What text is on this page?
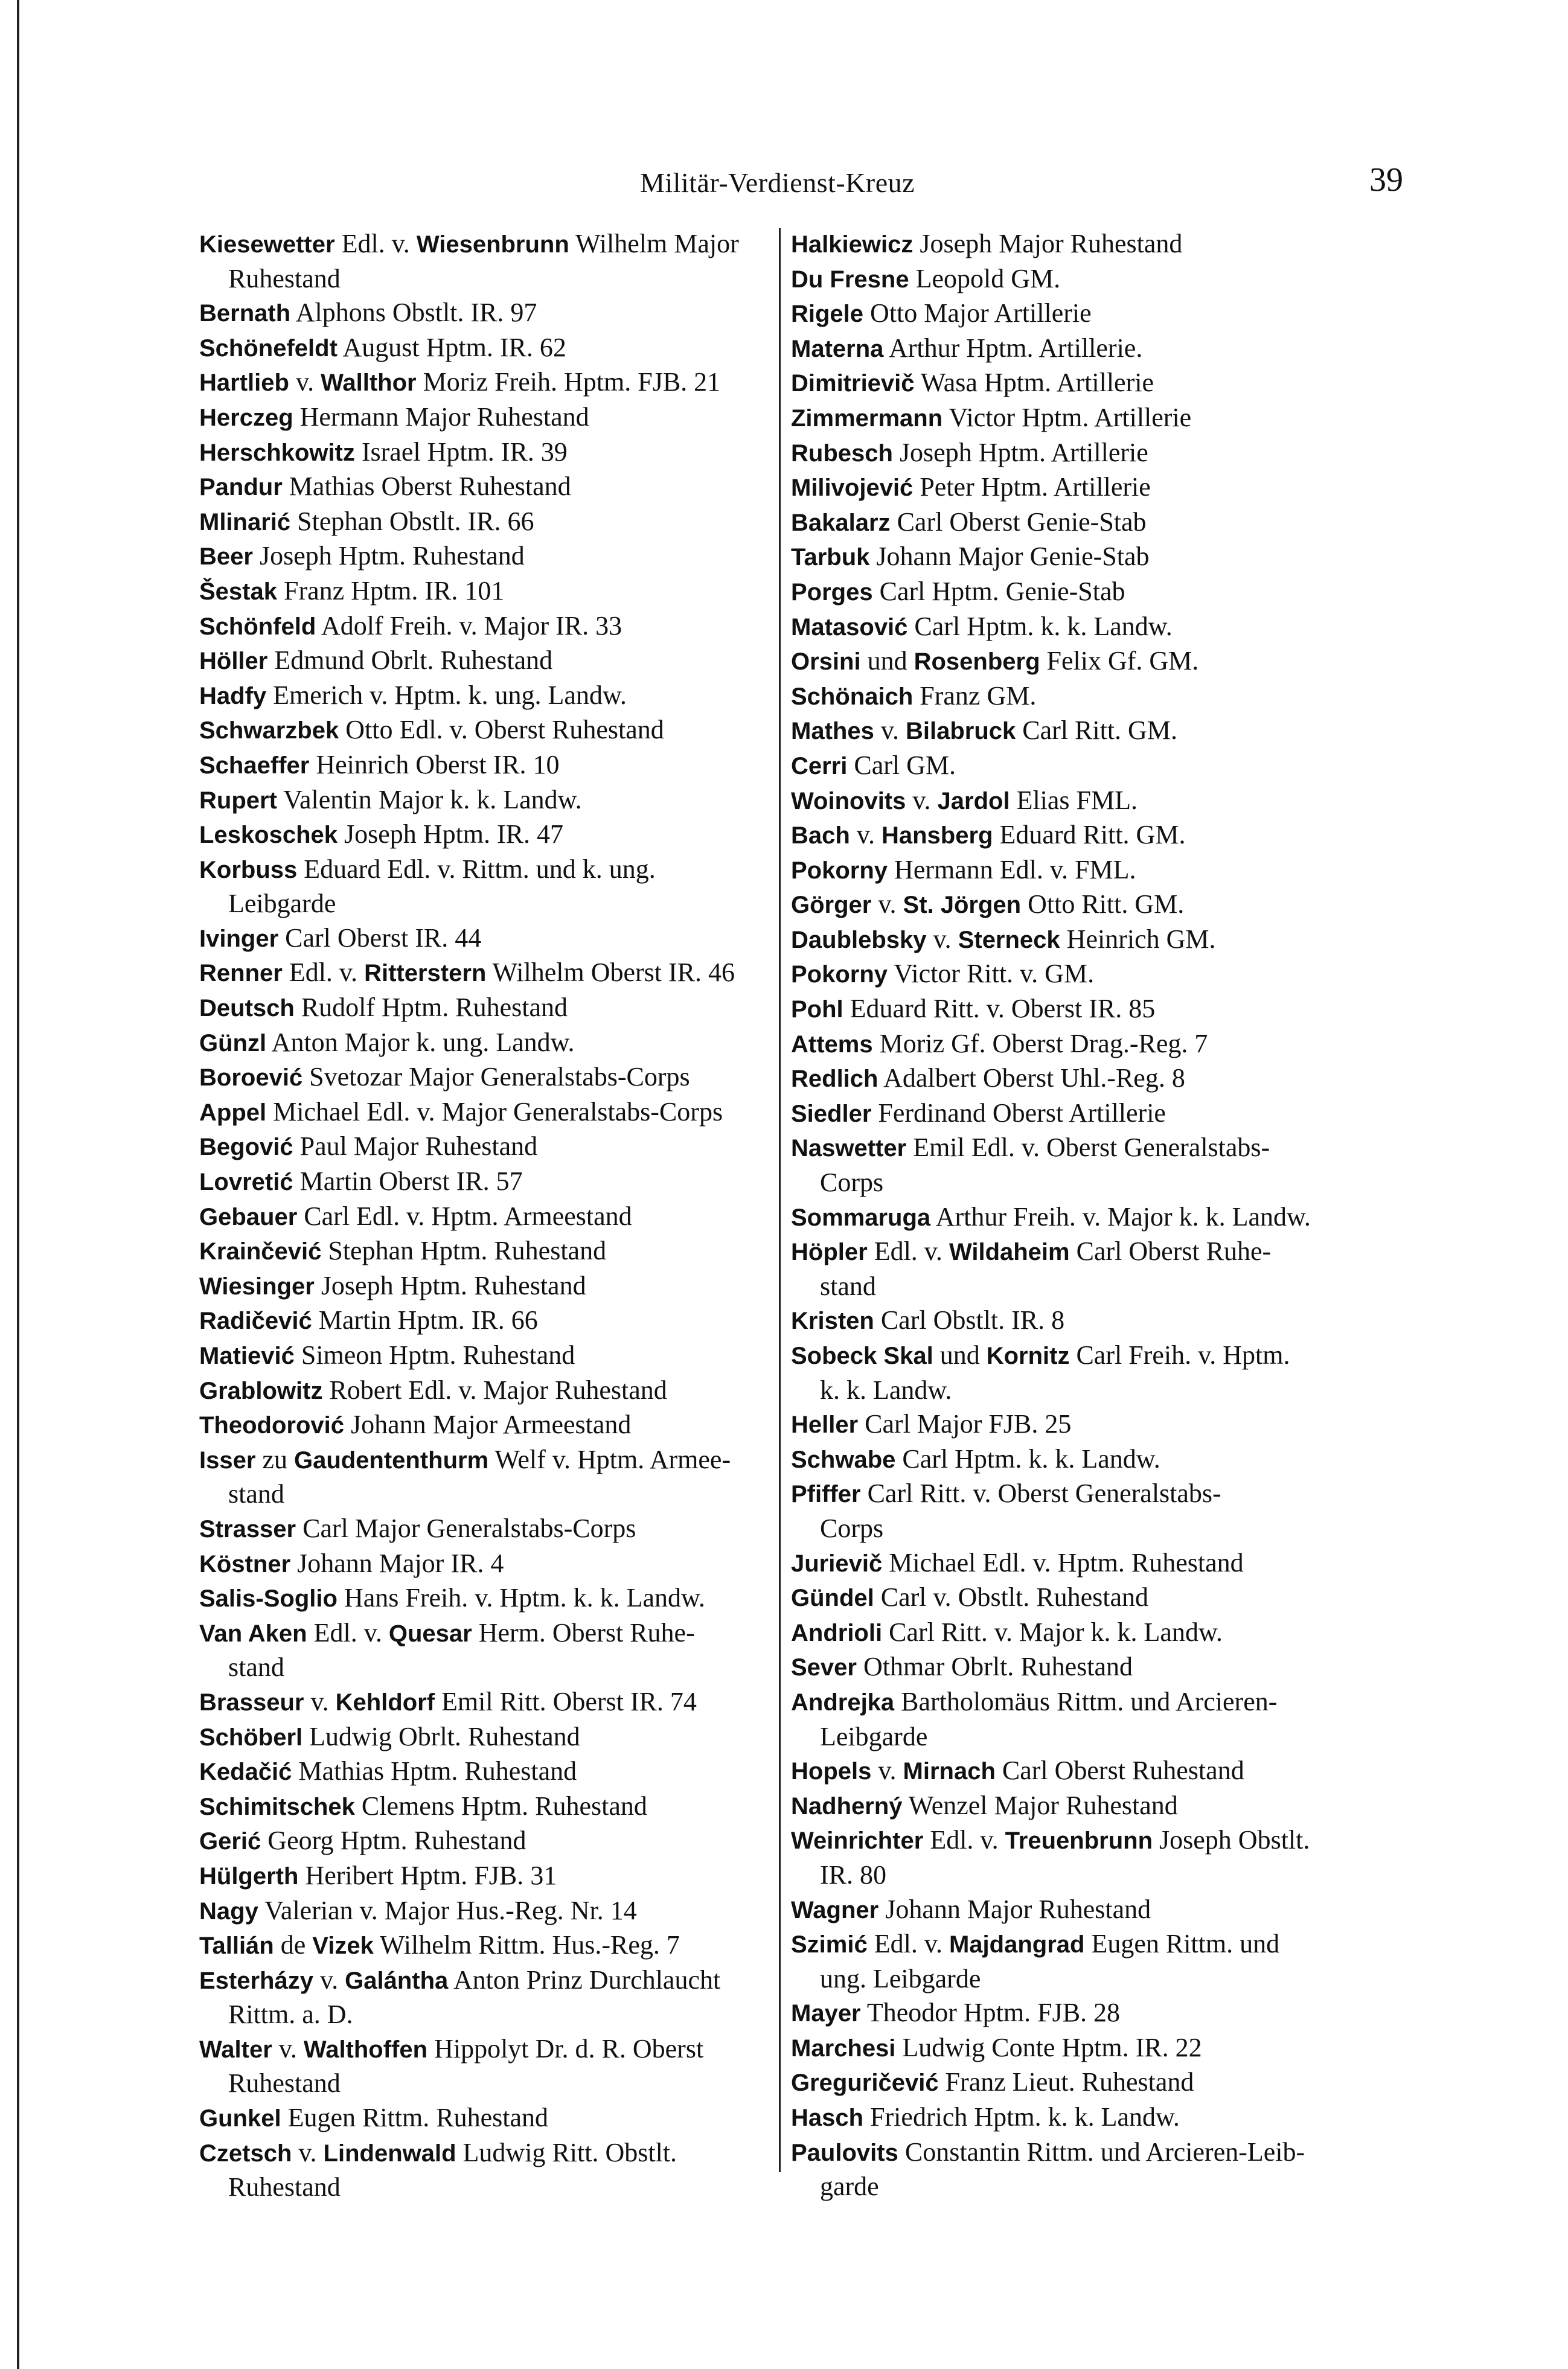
Militär-Verdienst-Kreuz	39
Kiesewetter Edl. v. Wiesenbrunn Wilhelm Major
Ruhestand
Bernath Alphons Obstlt. IR. 97
Schönefeldt August Hptm. IR. 62
Hartlieb v. Wallthor Moriz Freih. Hptm. FJB. 21
Herczeg Hermann Major Ruhestand
Herschkowitz Israel Hptm. IR. 39
Pandur Mathias Oberst Ruhestand
Mlinarić Stephan Obstlt. IR. 66
Beer Joseph Hptm. Ruhestand
Šestak Franz Hptm. IR. 101
Schönfeld Adolf Freih. v. Major IR. 33
Höller Edmund Obrlt. Ruhestand
Hadfy Emerich v. Hptm. k. ung. Landw.
Schwarzbek Otto Edl. v. Oberst Ruhestand
Schaeffer Heinrich Oberst IR. 10
Rupert Valentin Major k. k. Landw.
Leskoschek Joseph Hptm. IR. 47
Korbuss Eduard Edl. v. Rittm. und k. ung.
Leibgarde
Ivinger Carl Oberst IR. 44
Renner Edl. v. Ritterstern Wilhelm Oberst IR. 46
Deutsch Rudolf Hptm. Ruhestand
Günzl Anton Major k. ung. Landw.
Boroević Svetozar Major Generalstabs-Corps
Appel Michael Edl. v. Major Generalstabs-Corps
Begović Paul Major Ruhestand
Lovretić Martin Oberst IR. 57
Gebauer Carl Edl. v. Hptm. Armeestand
Krainčević Stephan Hptm. Ruhestand
Wiesinger Joseph Hptm. Ruhestand
Radičević Martin Hptm. IR. 66
Matiević Simeon Hptm. Ruhestand
Grablowitz Robert Edl. v. Major Ruhestand
Theodorović Johann Major Armeestand
Isser zu Gaudententhurm Welf v. Hptm. Armee-
stand
Strasser Carl Major Generalstabs-Corps
Köstner Johann Major IR. 4
Salis-Soglio Hans Freih. v. Hptm. k. k. Landw.
Van Aken Edl. v. Quesar Herm. Oberst Ruhe-
stand
Brasseur v. Kehldorf Emil Ritt. Oberst IR. 74
Schöberl Ludwig Obrlt. Ruhestand
Kedačić Mathias Hptm. Ruhestand
Schimitschek Clemens Hptm. Ruhestand
Gerić Georg Hptm. Ruhestand
Hülgerth Heribert Hptm. FJB. 31
Nagy Valerian v. Major Hus.-Reg. Nr. 14
Tallián de Vizek Wilhelm Rittm. Hus.-Reg. 7
Esterházy v. Galántha Anton Prinz Durchlaucht
Rittm. a. D.
Walter v. Walthoffen Hippolyt Dr. d. R. Oberst
Ruhestand
Gunkel Eugen Rittm. Ruhestand
Czetsch v. Lindenwald Ludwig Ritt. Obstlt.
Ruhestand
Halkiewicz Joseph Major Ruhestand
Du Fresne Leopold GM.
Rigele Otto Major Artillerie
Materna Arthur Hptm. Artillerie.
Dimitrievič Wasa Hptm. Artillerie
Zimmermann Victor Hptm. Artillerie
Rubesch Joseph Hptm. Artillerie
Milivojević Peter Hptm. Artillerie
Bakalarz Carl Oberst Genie-Stab
Tarbuk Johann Major Genie-Stab
Porges Carl Hptm. Genie-Stab
Matasović Carl Hptm. k. k. Landw.
Orsini und Rosenberg Felix Gf. GM.
Schönaich Franz GM.
Mathes v. Bilabruck Carl Ritt. GM.
Cerri Carl GM.
Woinovits v. Jardol Elias FML.
Bach v. Hansberg Eduard Ritt. GM.
Pokorny Hermann Edl. v. FML.
Görger v. St. Jörgen Otto Ritt. GM.
Daublebsky v. Sterneck Heinrich GM.
Pokorny Victor Ritt. v. GM.
Pohl Eduard Ritt. v. Oberst IR. 85
Attems Moriz Gf. Oberst Drag.-Reg. 7
Redlich Adalbert Oberst Uhl.-Reg. 8
Siedler Ferdinand Oberst Artillerie
Naswetter Emil Edl. v. Oberst Generalstabs-
Corps
Sommaruga Arthur Freih. v. Major k. k. Landw.
Höpler Edl. v. Wildaheim Carl Oberst Ruhe-
stand
Kristen Carl Obstlt. IR. 8
Sobeck Skal und Kornitz Carl Freih. v. Hptm.
k. k. Landw.
Heller Carl Major FJB. 25
Schwabe Carl Hptm. k. k. Landw.
Pfiffer Carl Ritt. v. Oberst Generalstabs-
Corps
Jurievič Michael Edl. v. Hptm. Ruhestand
Gündel Carl v. Obstlt. Ruhestand
Andrioli Carl Ritt. v. Major k. k. Landw.
Sever Othmar Obrlt. Ruhestand
Andrejka Bartholomäus Rittm. und Arcieren-
Leibgarde
Hopels v. Mirnach Carl Oberst Ruhestand
Nadherný Wenzel Major Ruhestand
Weinrichter Edl. v. Treuenbrunn Joseph Obstlt.
IR. 80
Wagner Johann Major Ruhestand
Szimić Edl. v. Majdangrad Eugen Rittm. und
ung. Leibgarde
Mayer Theodor Hptm. FJB. 28
Marchesi Ludwig Conte Hptm. IR. 22
Greguričević Franz Lieut. Ruhestand
Hasch Friedrich Hptm. k. k. Landw.
Paulovits Constantin Rittm. und Arcieren-Leib-
garde
